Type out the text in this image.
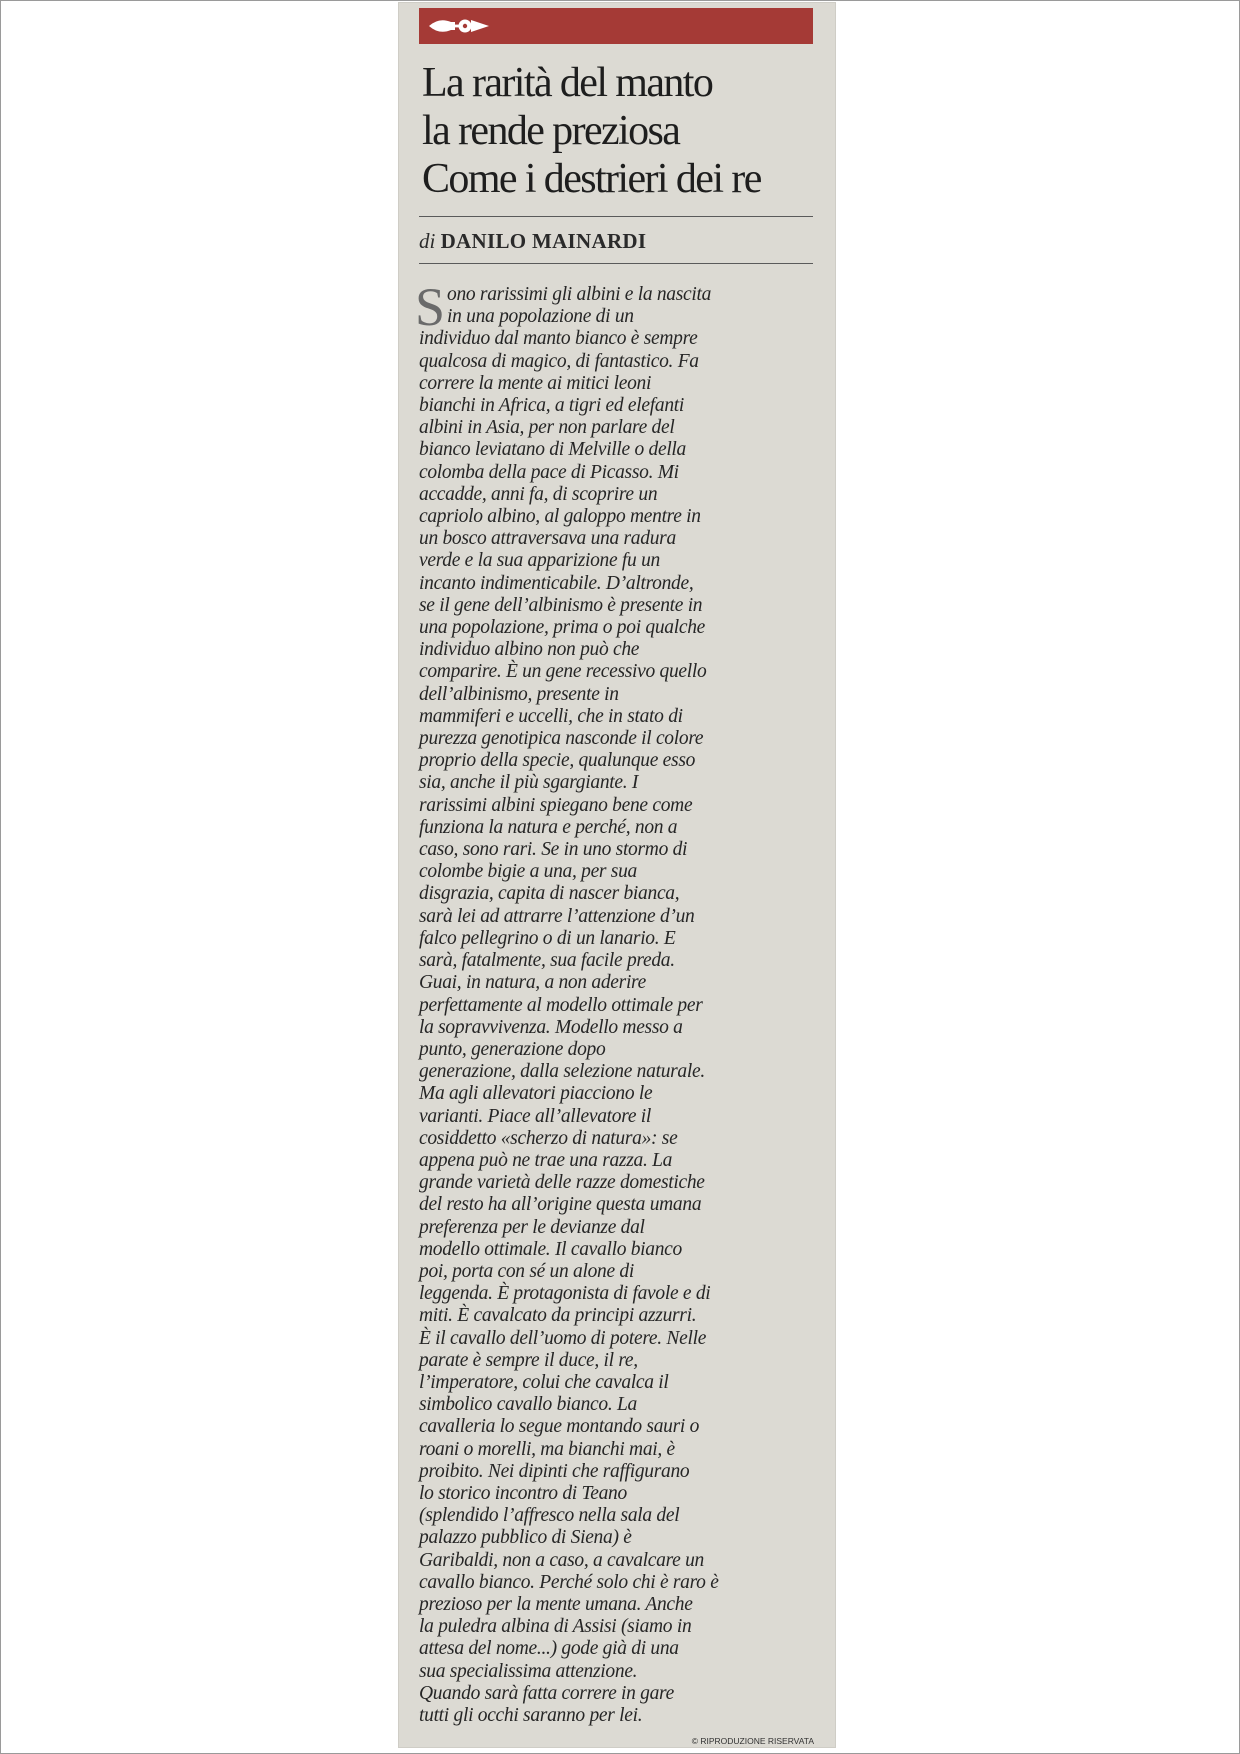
La rarità del manto
la rende preziosa
Come i destrieri dei re
di DANILO MAINARDI
S ono rarissimi gli albini e la nascita
in una popolazione di un
individuo dal manto bianco è sempre
qualcosa di magico, di fantastico. Fa
correre la mente ai mitici leoni
bianchi in Africa, a tigri ed elefanti
albini in Asia, per non parlare del
bianco leviatano di Melville o della
colomba della pace di Picasso. Mi
accadde, anni fa, di scoprire un
capriolo albino, al galoppo mentre in
un bosco attraversava una radura
verde e la sua apparizione fu un
incanto indimenticabile. D’altronde,
se il gene dell’albinismo è presente in
una popolazione, prima o poi qualche
individuo albino non può che
comparire. È un gene recessivo quello
dell’albinismo, presente in
mammiferi e uccelli, che in stato di
purezza genotipica nasconde il colore
proprio della specie, qualunque esso
sia, anche il più sgargiante. I
rarissimi albini spiegano bene come
funziona la natura e perché, non a
caso, sono rari. Se in uno stormo di
colombe bigie a una, per sua
disgrazia, capita di nascer bianca,
sarà lei ad attrarre l’attenzione d’un
falco pellegrino o di un lanario. E
sarà, fatalmente, sua facile preda.
Guai, in natura, a non aderire
perfettamente al modello ottimale per
la sopravvivenza. Modello messo a
punto, generazione dopo
generazione, dalla selezione naturale.
Ma agli allevatori piacciono le
varianti. Piace all’allevatore il
cosiddetto «scherzo di natura»: se
appena può ne trae una razza. La
grande varietà delle razze domestiche
del resto ha all’origine questa umana
preferenza per le devianze dal
modello ottimale. Il cavallo bianco
poi, porta con sé un alone di
leggenda. È protagonista di favole e di
miti. È cavalcato da principi azzurri.
È il cavallo dell’uomo di potere. Nelle
parate è sempre il duce, il re,
l’imperatore, colui che cavalca il
simbolico cavallo bianco. La
cavalleria lo segue montando sauri o
roani o morelli, ma bianchi mai, è
proibito. Nei dipinti che raffigurano
lo storico incontro di Teano
(splendido l’affresco nella sala del
palazzo pubblico di Siena) è
Garibaldi, non a caso, a cavalcare un
cavallo bianco. Perché solo chi è raro è
prezioso per la mente umana. Anche
la puledra albina di Assisi (siamo in
attesa del nome...) gode già di una
sua specialissima attenzione.
Quando sarà fatta correre in gare
tutti gli occhi saranno per lei.
© RIPRODUZIONE RISERVATA
